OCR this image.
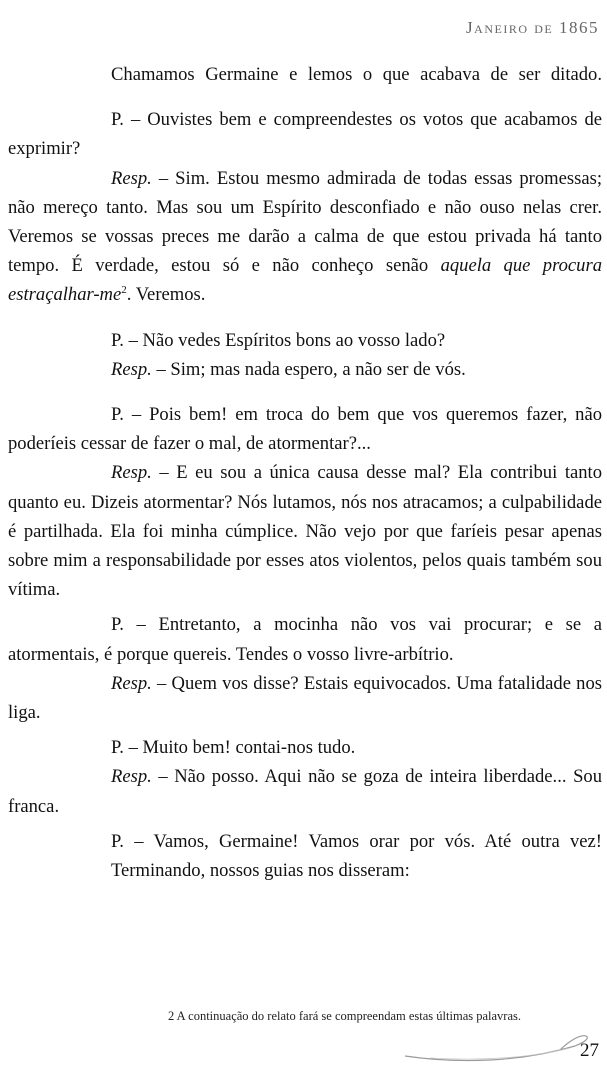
Janeiro de 1865

Chamamos Germaine e lemos o que acabava de ser ditado.

P. – Ouvistes bem e compreendestes os votos que acabamos de exprimir?

Resp. – Sim. Estou mesmo admirada de todas essas promessas; não mereço tanto. Mas sou um Espírito desconfiado e não ouso nelas crer. Veremos se vossas preces me darão a calma de que estou privada há tanto tempo. É verdade, estou só e não conheço senão aquela que procura estraçalhar-$me^2$. Veremos.

P. – Não vedes Espíritos bons ao vosso lado?

Resp. – Sim; mas nada espero, a não ser de vós.

P. – Pois bem! em troca do bem que vos queremos fazer, não poderíeis cessar de fazer o mal, de atormentar?...

Resp. – E eu sou a única causa desse mal? Ela contribui tanto quanto eu. Dizeis atormentar? Nós lutamos, nós nos atracamos; a culpabilidade é partilhada. Ela foi minha cúmplice. Não vejo por que faríeis pesar apenas sobre mim a responsabilidade por esses atos violentos, pelos quais também sou vítima.

P. – Entretanto, a mocinha não vos vai procurar; e se a atormentais, é porque quereis. Tendes o vosso livre-arbítrio.

Resp. – Quem vos disse? Estais equivocados. Uma fatalidade nos liga.

P. – Muito bem! contai-nos tudo.

Resp. – Não posso. Aqui não se goza de inteira liberdade... Sou franca.

P. – Vamos, Germaine! Vamos orar por vós. Até outra vez!

Terminando, nossos guias nos disseram:

2 A continuação do relato fará se compreendam estas últimas palavras.
27
